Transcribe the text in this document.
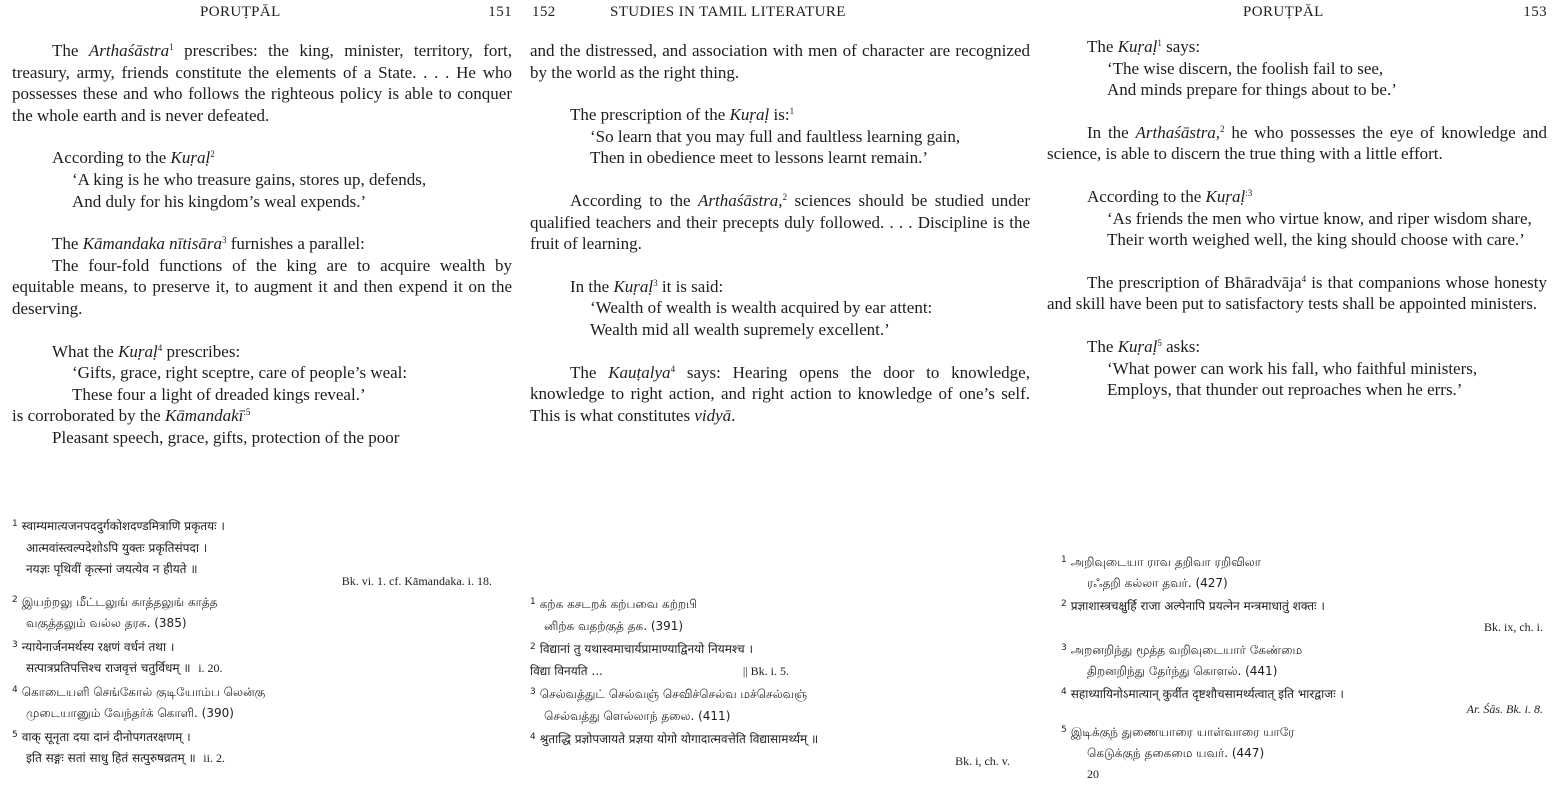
PORUṬPĀL	151

The Arthaśāstra$^1$ prescribes: the king, minister, territory, fort, treasury, army, friends constitute the elements of a State. . . . He who possesses these and who follows the righteous policy is able to conquer the whole earth and is never defeated.

According to the Kuṛaḷ$^2$

‘A king is he who treasure gains, stores up, defends,
And duly for his kingdom’s weal expends.’

The Kāmandaka nītisāra$^3$ furnishes a parallel:

The four-fold functions of the king are to acquire wealth by equitable means, to preserve it, to augment it and then expend it on the deserving.

What the Kuṛaḷ$^4$ prescribes:

‘Gifts, grace, right sceptre, care of people’s weal:
These four a light of dreaded kings reveal.’

is corroborated by the Kāmandakī$^{:5}$

Pleasant speech, grace, gifts, protection of the poor

$^1$ स्वाम्यमात्यजनपददुर्गकोशदण्डमित्राणि प्रकृतयः ।
आत्मवांस्त्वल्पदेशोऽपि युक्तः प्रकृतिसंपदा ।
नयज्ञः पृथिवीं कृत्स्नां जयत्येव न हीयते ॥
Bk. vi. 1. cf. Kāmandaka. i. 18.
$^2$ இயற்றலு மீட்டலுங் காத்தலுங் காத்த
வகுத்தலும் வல்ல தரசு. (385)
$^3$ न्यायेनार्जनमर्थस्य रक्षणं वर्धनं तथा ।
सत्पात्रप्रतिपत्तिश्च राजवृत्तं चतुर्विधम् ॥ i. 20.
$^4$ கொடையளி செங்கோல் குடியோம்ப லென்கு
முடையானும் வேந்தர்க் கொளி. (390)
$^5$ वाक् सूनृता दया दानं दीनोपगतरक्षणम् ।
इति सङ्गः सतां साधु हितं सत्पुरुषव्रतम् ॥ ii. 2.
152	STUDIES IN TAMIL LITERATURE

and the distressed, and association with men of character are recognized by the world as the right thing.

The prescription of the Kuṛaḷ is:$^1$

‘So learn that you may full and faultless learning gain,
Then in obedience meet to lessons learnt remain.’

According to the Arthaśāstra,$^2$ sciences should be studied under qualified teachers and their precepts duly followed. . . . Discipline is the fruit of learning.

In the Kuṛaḷ$^3$ it is said:

‘Wealth of wealth is wealth acquired by ear attent:
Wealth mid all wealth supremely excellent.’

The Kauṭalya$^4$ says: Hearing opens the door to knowledge, knowledge to right action, and right action to knowledge of one’s self. This is what constitutes vidyā.

$^1$ கற்க கசடறக் கற்பவை கற்றபி
னிற்க வதற்குத் தக. (391)
$^2$ विद्यानां तु यथास्वमाचार्यप्रामाण्याद्विनयो नियमश्च ।
विद्या विनयति ...	|| Bk. i. 5.
$^3$ செல்வத்துட் செல்வஞ் செவிச்செல்வ மச்செல்வஞ்
செல்வத்து ளெல்லாந் தலை. (411)
$^4$ श्रुताद्धि प्रज्ञोपजायते प्रज्ञया योगो योगादात्मवत्तेति विद्यासामर्थ्यम् ॥
Bk. i, ch. v.
PORUṬPĀL	153

The Kuṛaḷ$^1$ says:

‘The wise discern, the foolish fail to see,
And minds prepare for things about to be.’

In the Arthaśāstra,$^2$ he who possesses the eye of knowledge and science, is able to discern the true thing with a little effort.

According to the Kuṛaḷ$^{:3}$

‘As friends the men who virtue know, and riper wisdom share,
Their worth weighed well, the king should choose with care.’

The prescription of Bhāradvāja$^4$ is that companions whose honesty and skill have been put to satisfactory tests shall be appointed ministers.

The Kuṛaḷ$^5$ asks:

‘What power can work his fall, who faithful ministers,
Employs, that thunder out reproaches when he errs.’

$^1$ அறிவுடையா ராவ தறிவா ரறிவிலா
ரஃதறி கல்லா தவர். (427)
$^2$ प्रज्ञाशास्त्रचक्षुर्हि राजा अल्पेनापि प्रयत्नेन मन्त्रमाधातुं शक्तः ।
Bk. ix, ch. i.
$^3$ அறனறிந்து மூத்த வறிவுடையார் கேண்மை
திறனறிந்து தேர்ந்து கொளல். (441)
$^4$ सहाध्यायिनोऽमात्यान् कुर्वीत दृष्टशौचसामर्थ्यत्वात् इति भारद्वाजः ।
Ar. Śās. Bk. i. 8.
$^5$ இடிக்குந் துணையாரை யாள்வாரை யாரே
கெடுக்குந் தகைமை யவர். (447)
20
